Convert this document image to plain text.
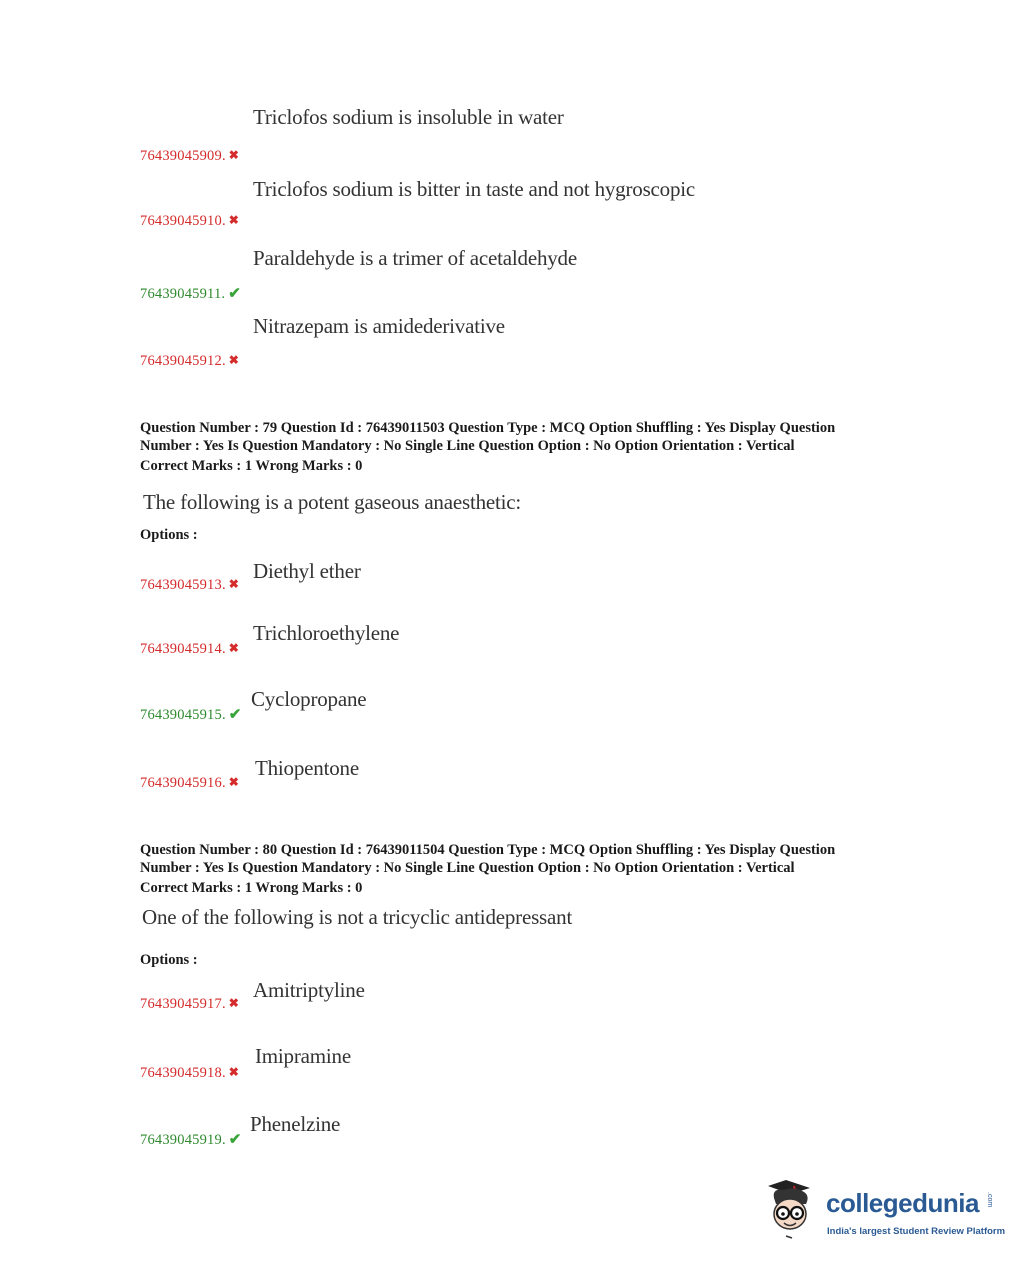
Triclofos sodium is insoluble in water
76439045909. ✖
Triclofos sodium is bitter in taste and not hygroscopic
76439045910. ✖
Paraldehyde is a trimer of acetaldehyde
76439045911. ✔
Nitrazepam is amidederivative
76439045912. ✖
Question Number : 79 Question Id : 76439011503 Question Type : MCQ Option Shuffling : Yes Display Question Number : Yes Is Question Mandatory : No Single Line Question Option : No Option Orientation : Vertical
Correct Marks : 1 Wrong Marks : 0
The following is a potent gaseous anaesthetic:
Options :
Diethyl ether
76439045913. ✖
Trichloroethylene
76439045914. ✖
Cyclopropane
76439045915. ✔
Thiopentone
76439045916. ✖
Question Number : 80 Question Id : 76439011504 Question Type : MCQ Option Shuffling : Yes Display Question Number : Yes Is Question Mandatory : No Single Line Question Option : No Option Orientation : Vertical
Correct Marks : 1 Wrong Marks : 0
One of the following is not a tricyclic antidepressant
Options :
Amitriptyline
76439045917. ✖
Imipramine
76439045918. ✖
Phenelzine
76439045919. ✔
collegedunia .com
India's largest Student Review Platform
